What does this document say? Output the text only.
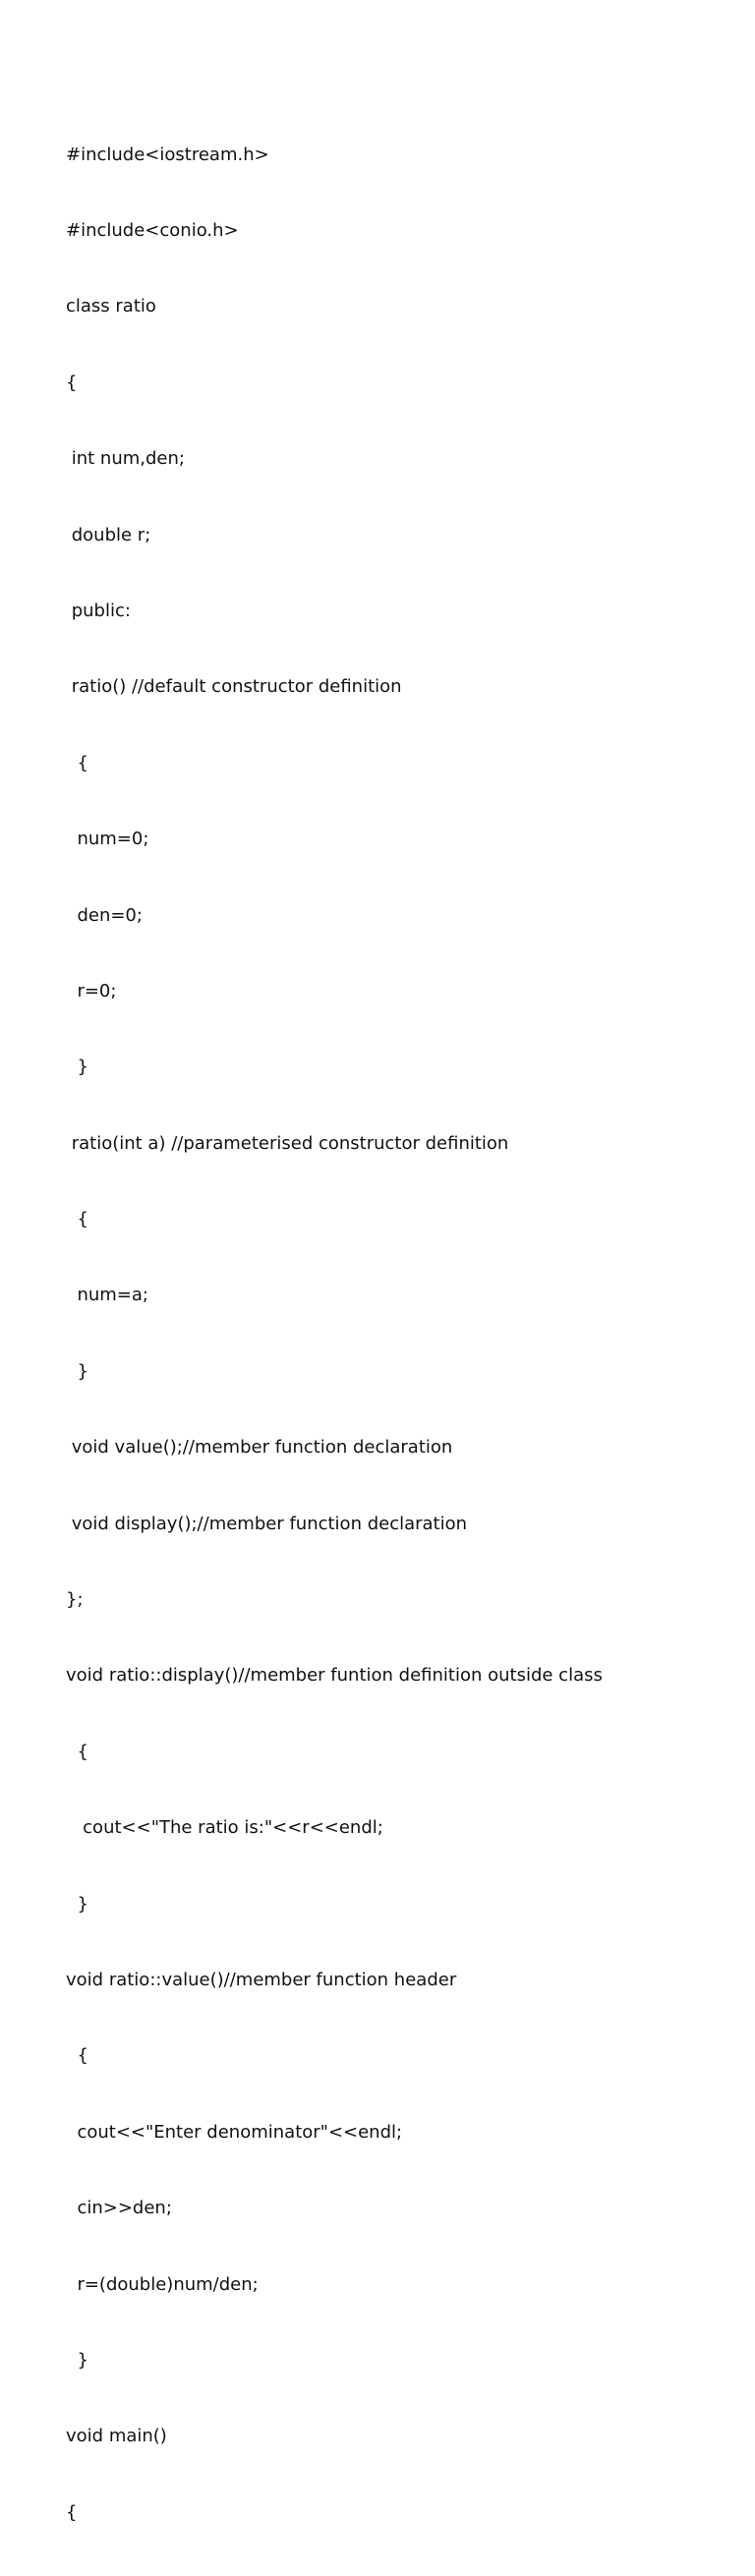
#include<iostream.h>

#include<conio.h>

class ratio

{

int num,den;

double r;

public:

ratio() //default constructor definition

{

num=0;

den=0;

r=0;

}

ratio(int a) //parameterised constructor definition

{

num=a;

}

void value();//member function declaration

void display();//member function declaration

};

void ratio::display()//member funtion definition outside class

{

cout<<"The ratio is:"<<r<<endl;

}

void ratio::value()//member function header

{

cout<<"Enter denominator"<<endl;

cin>>den;

r=(double)num/den;

}

void main()

{
